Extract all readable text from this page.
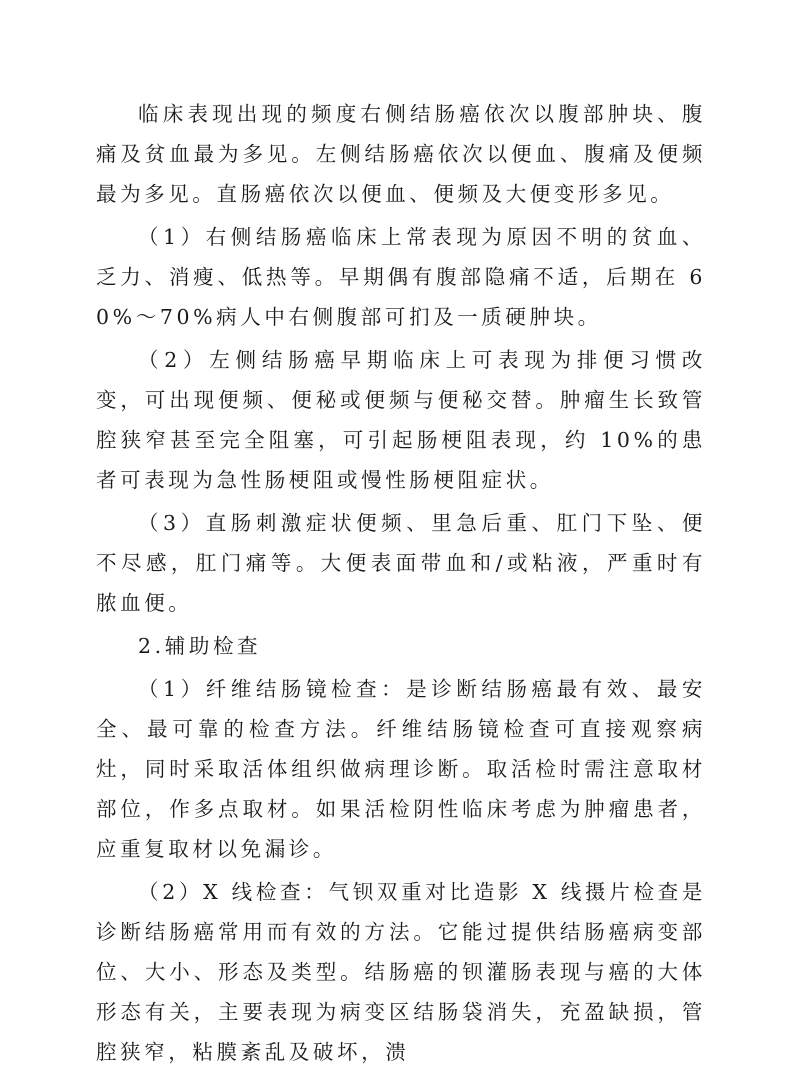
临床表现出现的频度右侧结肠癌依次以腹部肿块、腹痛及贫血最为多见。左侧结肠癌依次以便血、腹痛及便频最为多见。直肠癌依次以便血、便频及大便变形多见。

（1）右侧结肠癌临床上常表现为原因不明的贫血、乏力、消瘦、低热等。早期偶有腹部隐痛不适，后期在 60%～70%病人中右侧腹部可扪及一质硬肿块。

（2）左侧结肠癌早期临床上可表现为排便习惯改变，可出现便频、便秘或便频与便秘交替。肿瘤生长致管腔狭窄甚至完全阻塞，可引起肠梗阻表现，约 10%的患者可表现为急性肠梗阻或慢性肠梗阻症状。

（3）直肠刺激症状便频、里急后重、肛门下坠、便不尽感，肛门痛等。大便表面带血和/或粘液，严重时有脓血便。

2.辅助检查

（1）纤维结肠镜检查：是诊断结肠癌最有效、最安全、最可靠的检查方法。纤维结肠镜检查可直接观察病灶，同时采取活体组织做病理诊断。取活检时需注意取材部位，作多点取材。如果活检阴性临床考虑为肿瘤患者，应重复取材以免漏诊。

（2）X 线检查：气钡双重对比造影 X 线摄片检查是诊断结肠癌常用而有效的方法。它能过提供结肠癌病变部位、大小、形态及类型。结肠癌的钡灌肠表现与癌的大体形态有关，主要表现为病变区结肠袋消失，充盈缺损，管腔狭窄，粘膜紊乱及破坏，溃
